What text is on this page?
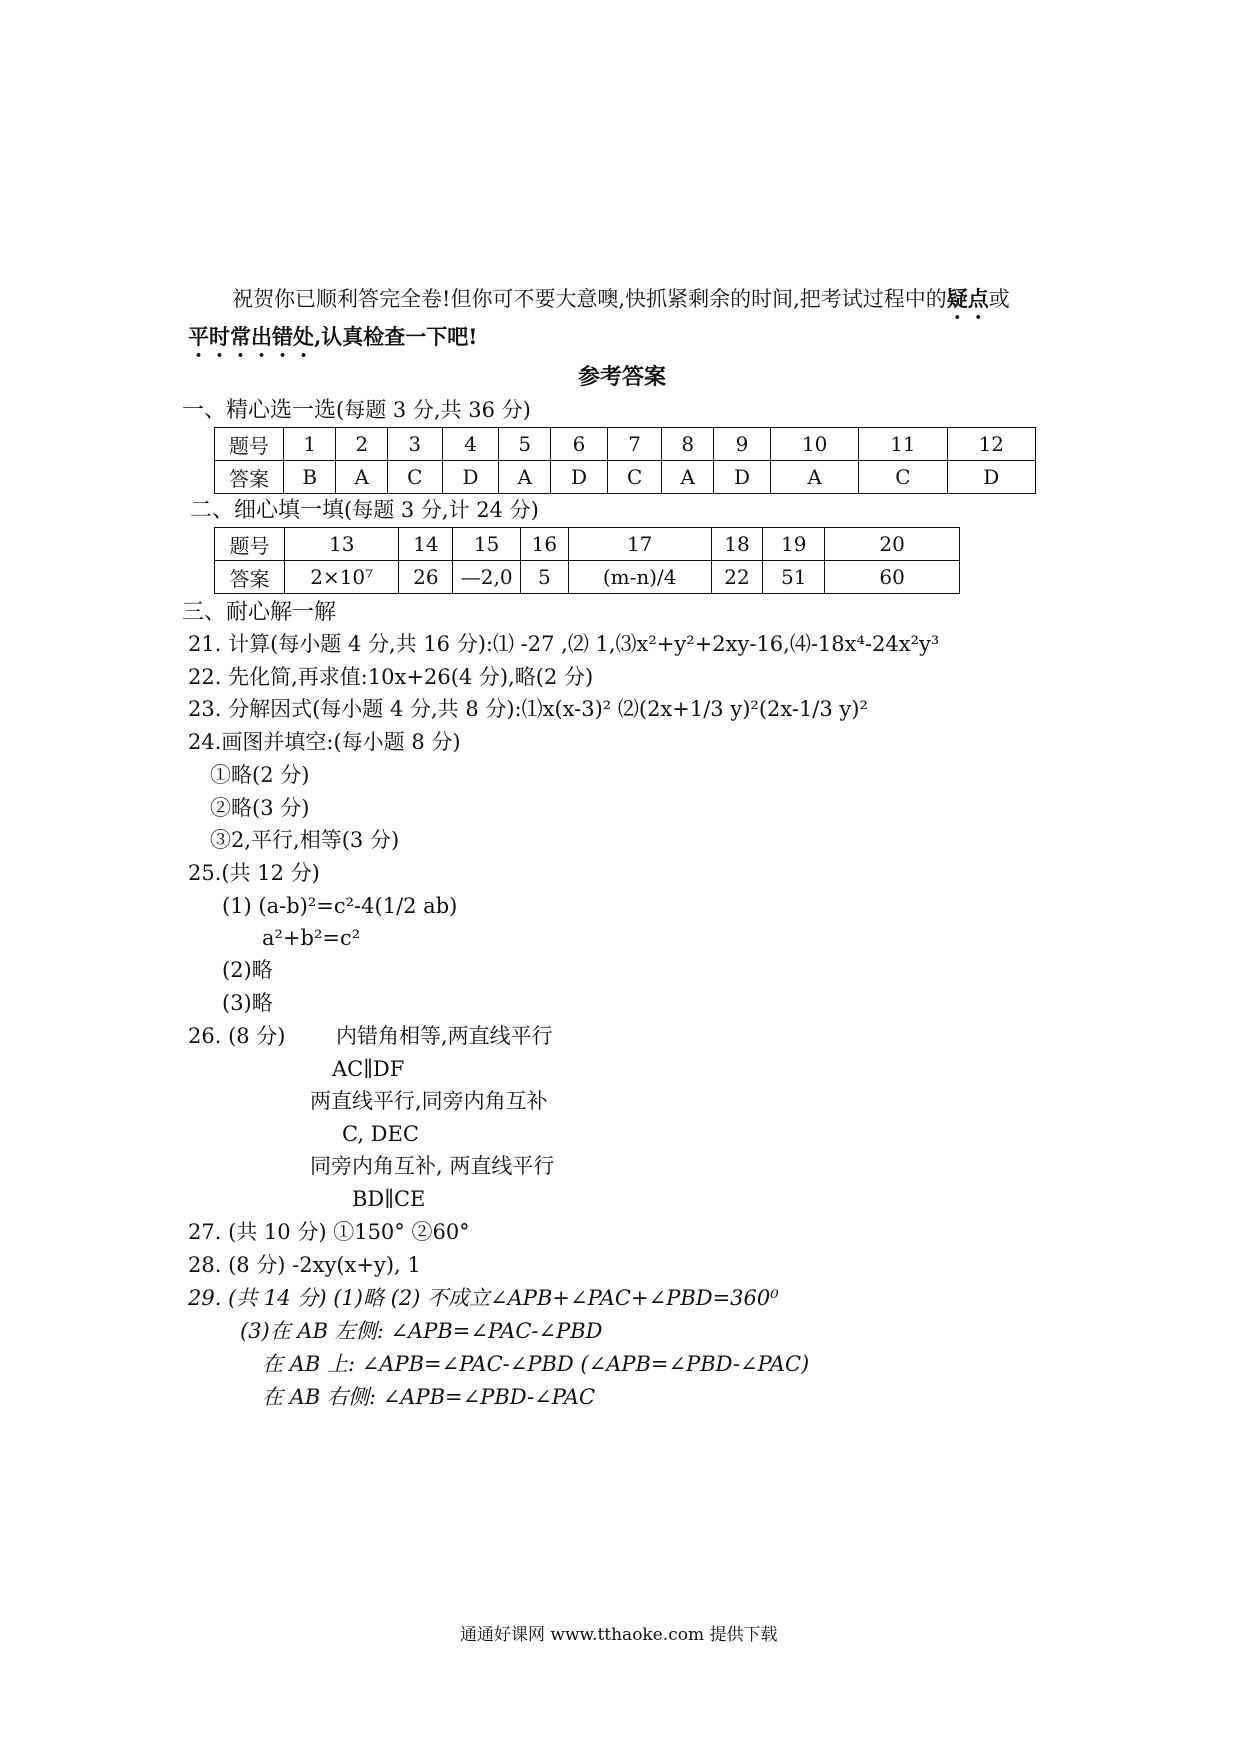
祝贺你已顺利答完全卷!但你可不要大意噢,快抓紧剩余的时间,把考试过程中的疑点或
平时常出错处,认真检查一下吧!
参考答案
一、精心选一选(每题 3 分,共 36 分)
题号	1	2	3	4	5	6	7	8	9	10	11	12
答案	B	A	C	D	A	D	C	A	D	A	C	D
二、细心填一填(每题 3 分,计 24 分)
题号	13	14	15	16	17	18	19	20
答案	2×10⁷	26	—2,0	5	(m-n)/4	22	51	60
三、耐心解一解
21. 计算(每小题 4 分,共 16 分):⑴ -27 ,⑵ 1,⑶x²+y²+2xy-16,⑷-18x⁴-24x²y³
22. 先化简,再求值:10x+26(4 分),略(2 分)
23. 分解因式(每小题 4 分,共 8 分):⑴x(x-3)² ⑵(2x+1/3 y)²(2x-1/3 y)²
24.画图并填空:(每小题 8 分)
①略(2 分)
②略(3 分)
③2,平行,相等(3 分)
25.(共 12 分)
(1) (a-b)²=c²-4(1/2 ab)
a²+b²=c²
(2)略
(3)略
26. (8 分) 内错角相等,两直线平行
AC∥DF
两直线平行,同旁内角互补
C, DEC
同旁内角互补, 两直线平行
BD∥CE
27. (共 10 分) ①150° ②60°
28. (8 分) -2xy(x+y), 1
29. (共 14 分) (1)略 (2) 不成立∠APB+∠PAC+∠PBD=360⁰
(3)在 AB 左侧: ∠APB=∠PAC-∠PBD
在 AB 上: ∠APB=∠PAC-∠PBD (∠APB=∠PBD-∠PAC)
在 AB 右侧: ∠APB=∠PBD-∠PAC
通通好课网 www.tthaoke.com 提供下载
